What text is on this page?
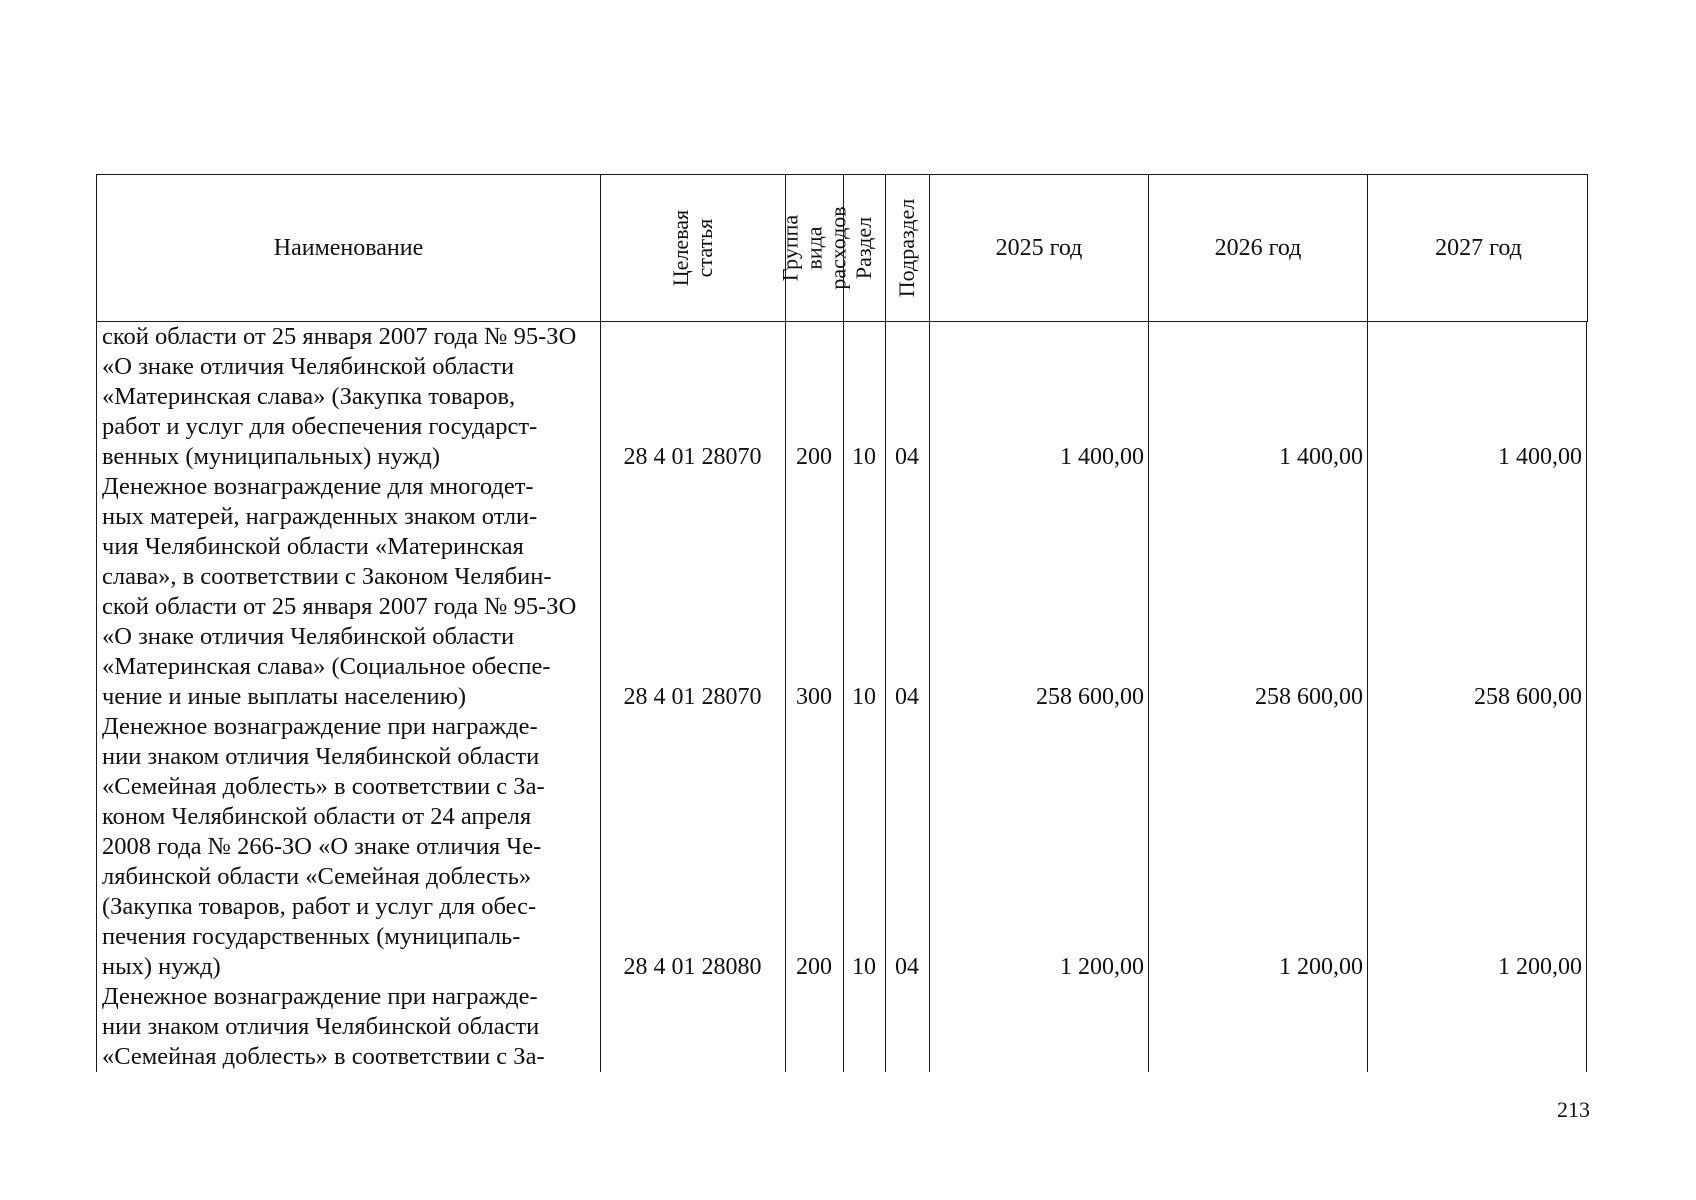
Наименование	Целевая статья	Группа вида расходов Раздел Подраздел	2025 год	2026 год	2027 год
ской области от 25 января 2007 года № 95-ЗО
«О знаке отличия Челябинской области
«Материнская слава» (Закупка товаров,
работ и услуг для обеспечения государст-
венных (муниципальных) нужд)	28 4 01 28070	200 10 04	1 400,00	1 400,00	1 400,00
Денежное вознаграждение для многодет-
ных матерей, награжденных знаком отли-
чия Челябинской области «Материнская
слава», в соответствии с Законом Челябин-
ской области от 25 января 2007 года № 95-ЗО
«О знаке отличия Челябинской области
«Материнская слава» (Социальное обеспе-
чение и иные выплаты населению)	28 4 01 28070	300 10 04	258 600,00	258 600,00	258 600,00
Денежное вознаграждение при награжде-
нии знаком отличия Челябинской области
«Семейная доблесть» в соответствии с За-
коном Челябинской области от 24 апреля
2008 года № 266-ЗО «О знаке отличия Че-
лябинской области «Семейная доблесть»
(Закупка товаров, работ и услуг для обес-
печения государственных (муниципаль-
ных) нужд)	28 4 01 28080	200 10 04	1 200,00	1 200,00	1 200,00
Денежное вознаграждение при награжде-
нии знаком отличия Челябинской области
«Семейная доблесть» в соответствии с За-
213
